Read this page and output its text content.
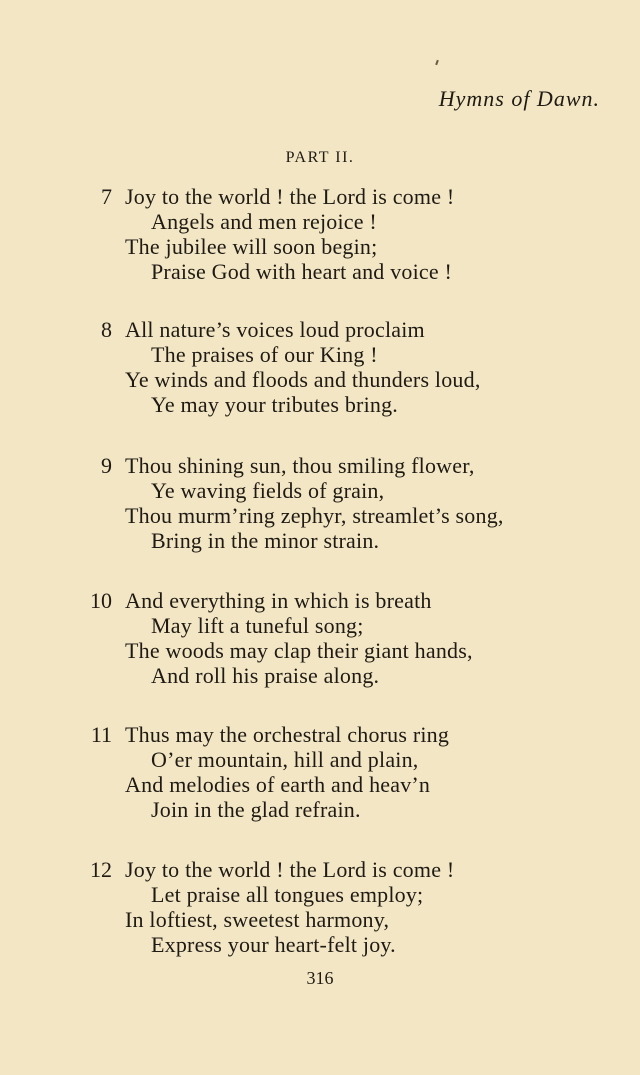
Hymns of Dawn.
PART II.
7 Joy to the world ! the Lord is come !
Angels and men rejoice !
The jubilee will soon begin;
Praise God with heart and voice !
8 All nature’s voices loud proclaim
The praises of our King !
Ye winds and floods and thunders loud,
Ye may your tributes bring.
9 Thou shining sun, thou smiling flower,
Ye waving fields of grain,
Thou murm’ring zephyr, streamlet’s song,
Bring in the minor strain.
10 And everything in which is breath
May lift a tuneful song;
The woods may clap their giant hands,
And roll his praise along.
11 Thus may the orchestral chorus ring
O’er mountain, hill and plain,
And melodies of earth and heav’n
Join in the glad refrain.
12 Joy to the world ! the Lord is come !
Let praise all tongues employ;
In loftiest, sweetest harmony,
Express your heart-felt joy.
316
